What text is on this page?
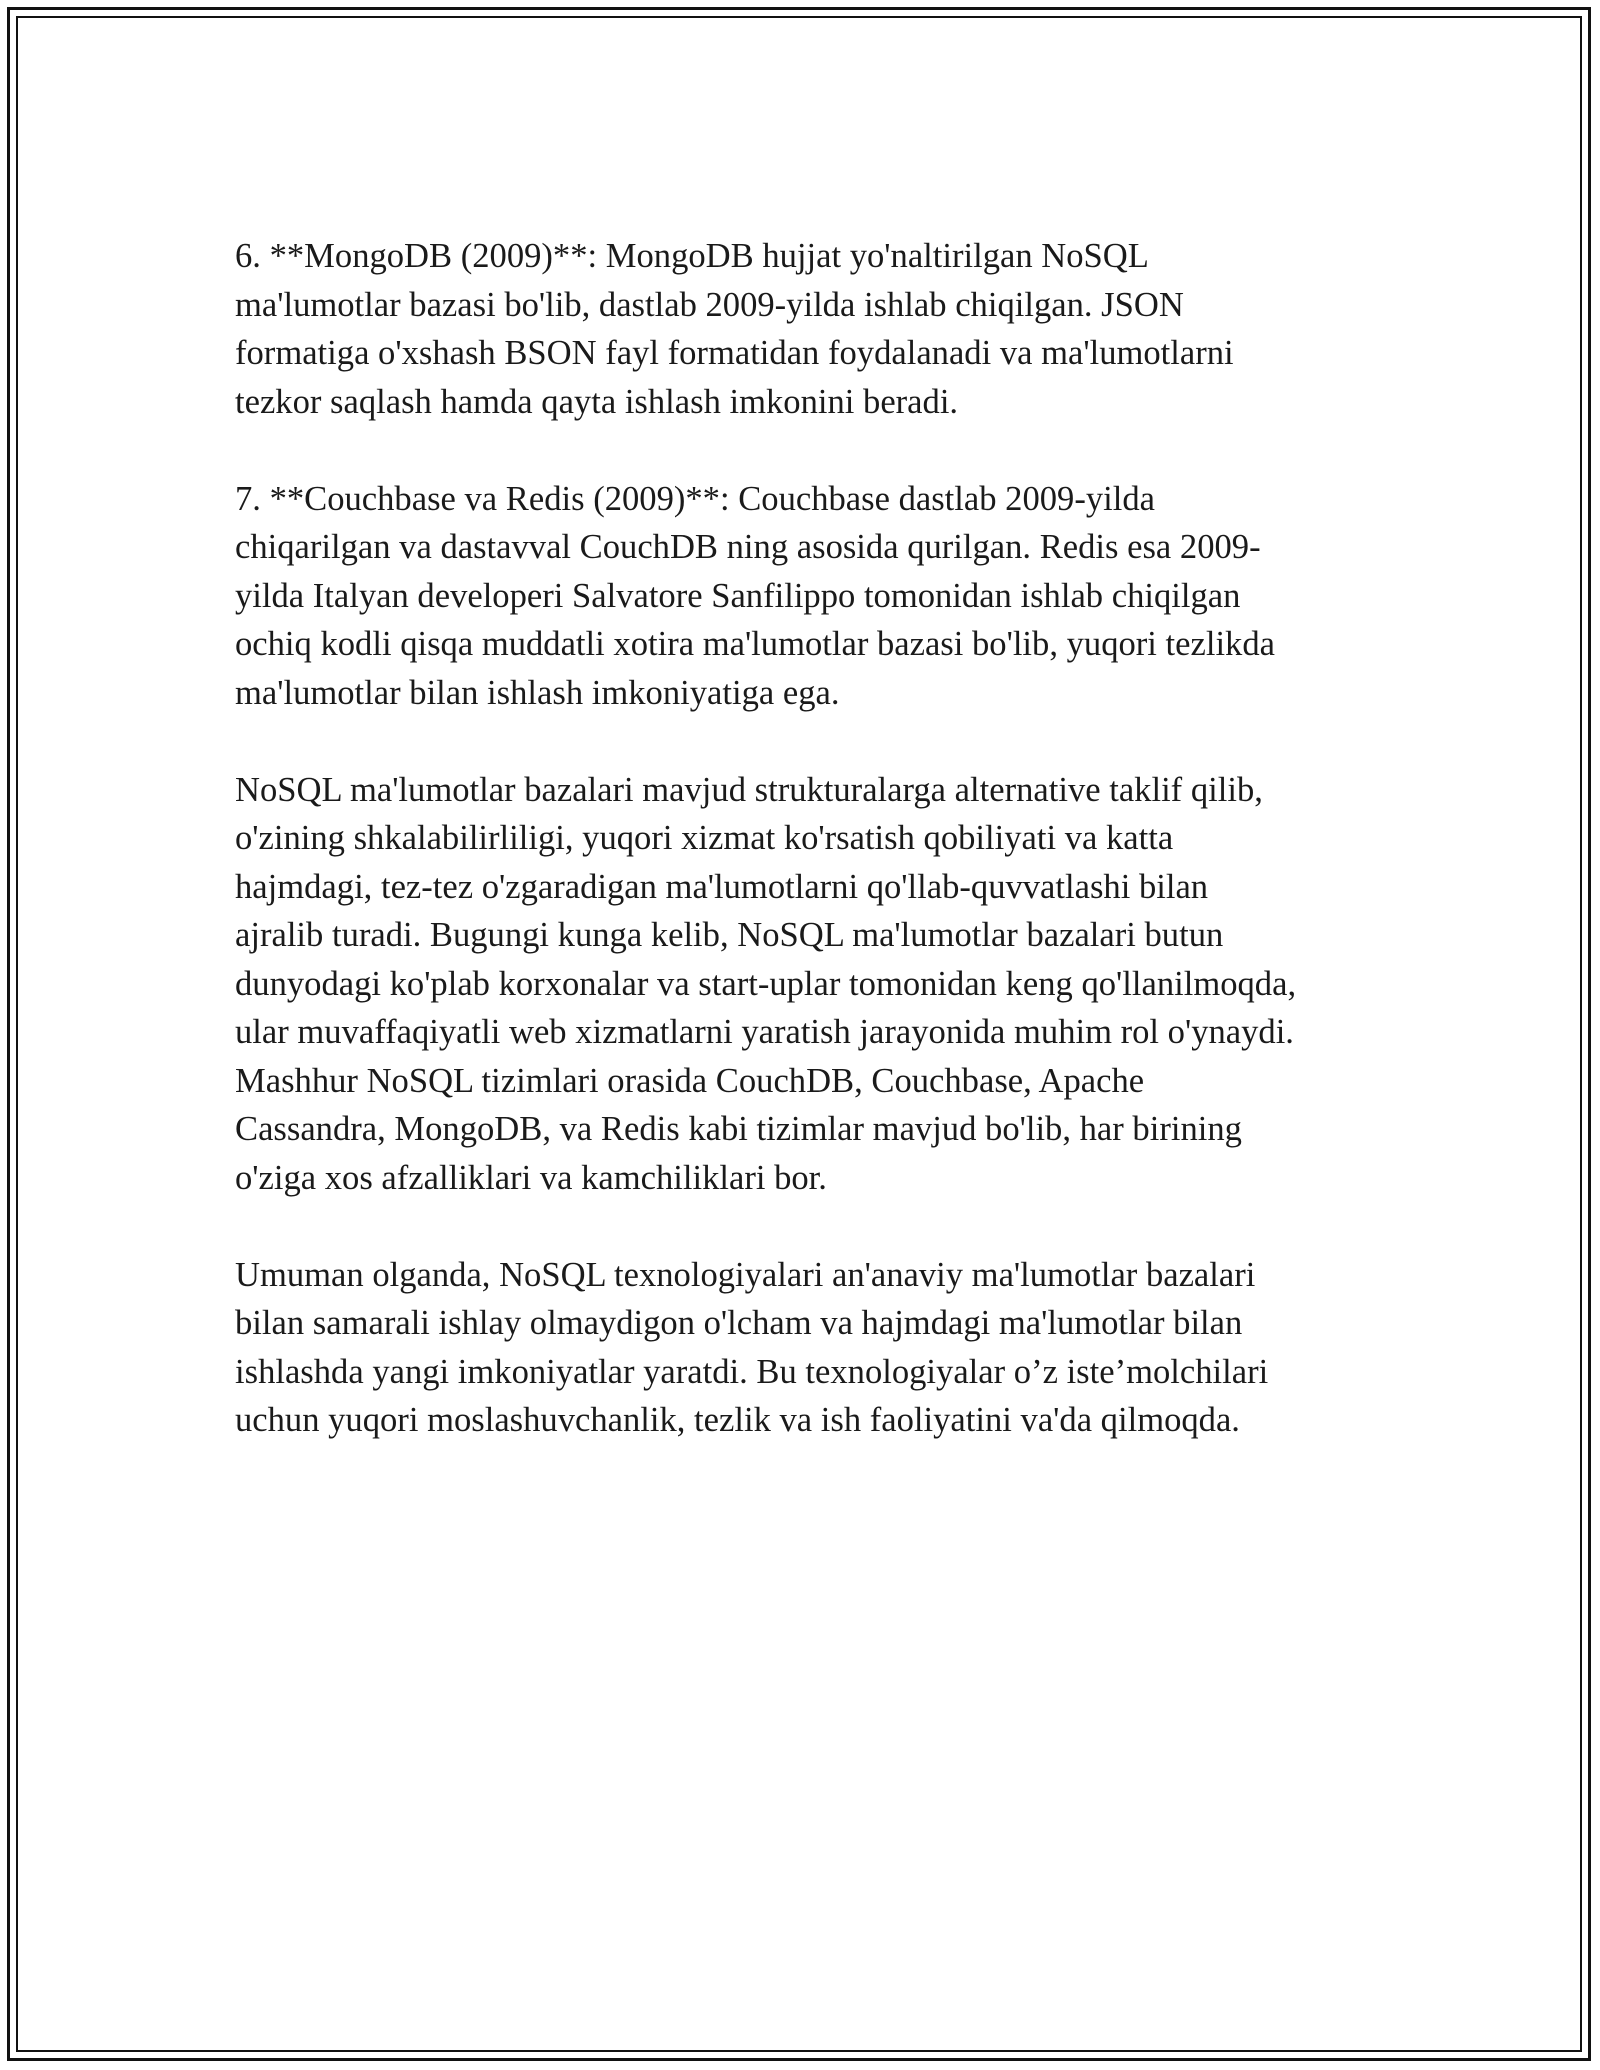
6. **MongoDB (2009)**: MongoDB hujjat yo'naltirilgan NoSQL
ma'lumotlar bazasi bo'lib, dastlab 2009-yilda ishlab chiqilgan. JSON
formatiga o'xshash BSON fayl formatidan foydalanadi va ma'lumotlarni
tezkor saqlash hamda qayta ishlash imkonini beradi.

7. **Couchbase va Redis (2009)**: Couchbase dastlab 2009-yilda
chiqarilgan va dastavval CouchDB ning asosida qurilgan. Redis esa 2009-
yilda Italyan developeri Salvatore Sanfilippo tomonidan ishlab chiqilgan
ochiq kodli qisqa muddatli xotira ma'lumotlar bazasi bo'lib, yuqori tezlikda
ma'lumotlar bilan ishlash imkoniyatiga ega.

NoSQL ma'lumotlar bazalari mavjud strukturalarga alternative taklif qilib,
o'zining shkalabilirliligi, yuqori xizmat ko'rsatish qobiliyati va katta
hajmdagi, tez-tez o'zgaradigan ma'lumotlarni qo'llab-quvvatlashi bilan
ajralib turadi. Bugungi kunga kelib, NoSQL ma'lumotlar bazalari butun
dunyodagi ko'plab korxonalar va start-uplar tomonidan keng qo'llanilmoqda,
ular muvaffaqiyatli web xizmatlarni yaratish jarayonida muhim rol o'ynaydi.
Mashhur NoSQL tizimlari orasida CouchDB, Couchbase, Apache
Cassandra, MongoDB, va Redis kabi tizimlar mavjud bo'lib, har birining
o'ziga xos afzalliklari va kamchiliklari bor.

Umuman olganda, NoSQL texnologiyalari an'anaviy ma'lumotlar bazalari
bilan samarali ishlay olmaydigon o'lcham va hajmdagi ma'lumotlar bilan
ishlashda yangi imkoniyatlar yaratdi. Bu texnologiyalar o’z iste’molchilari
uchun yuqori moslashuvchanlik, tezlik va ish faoliyatini va'da qilmoqda.
